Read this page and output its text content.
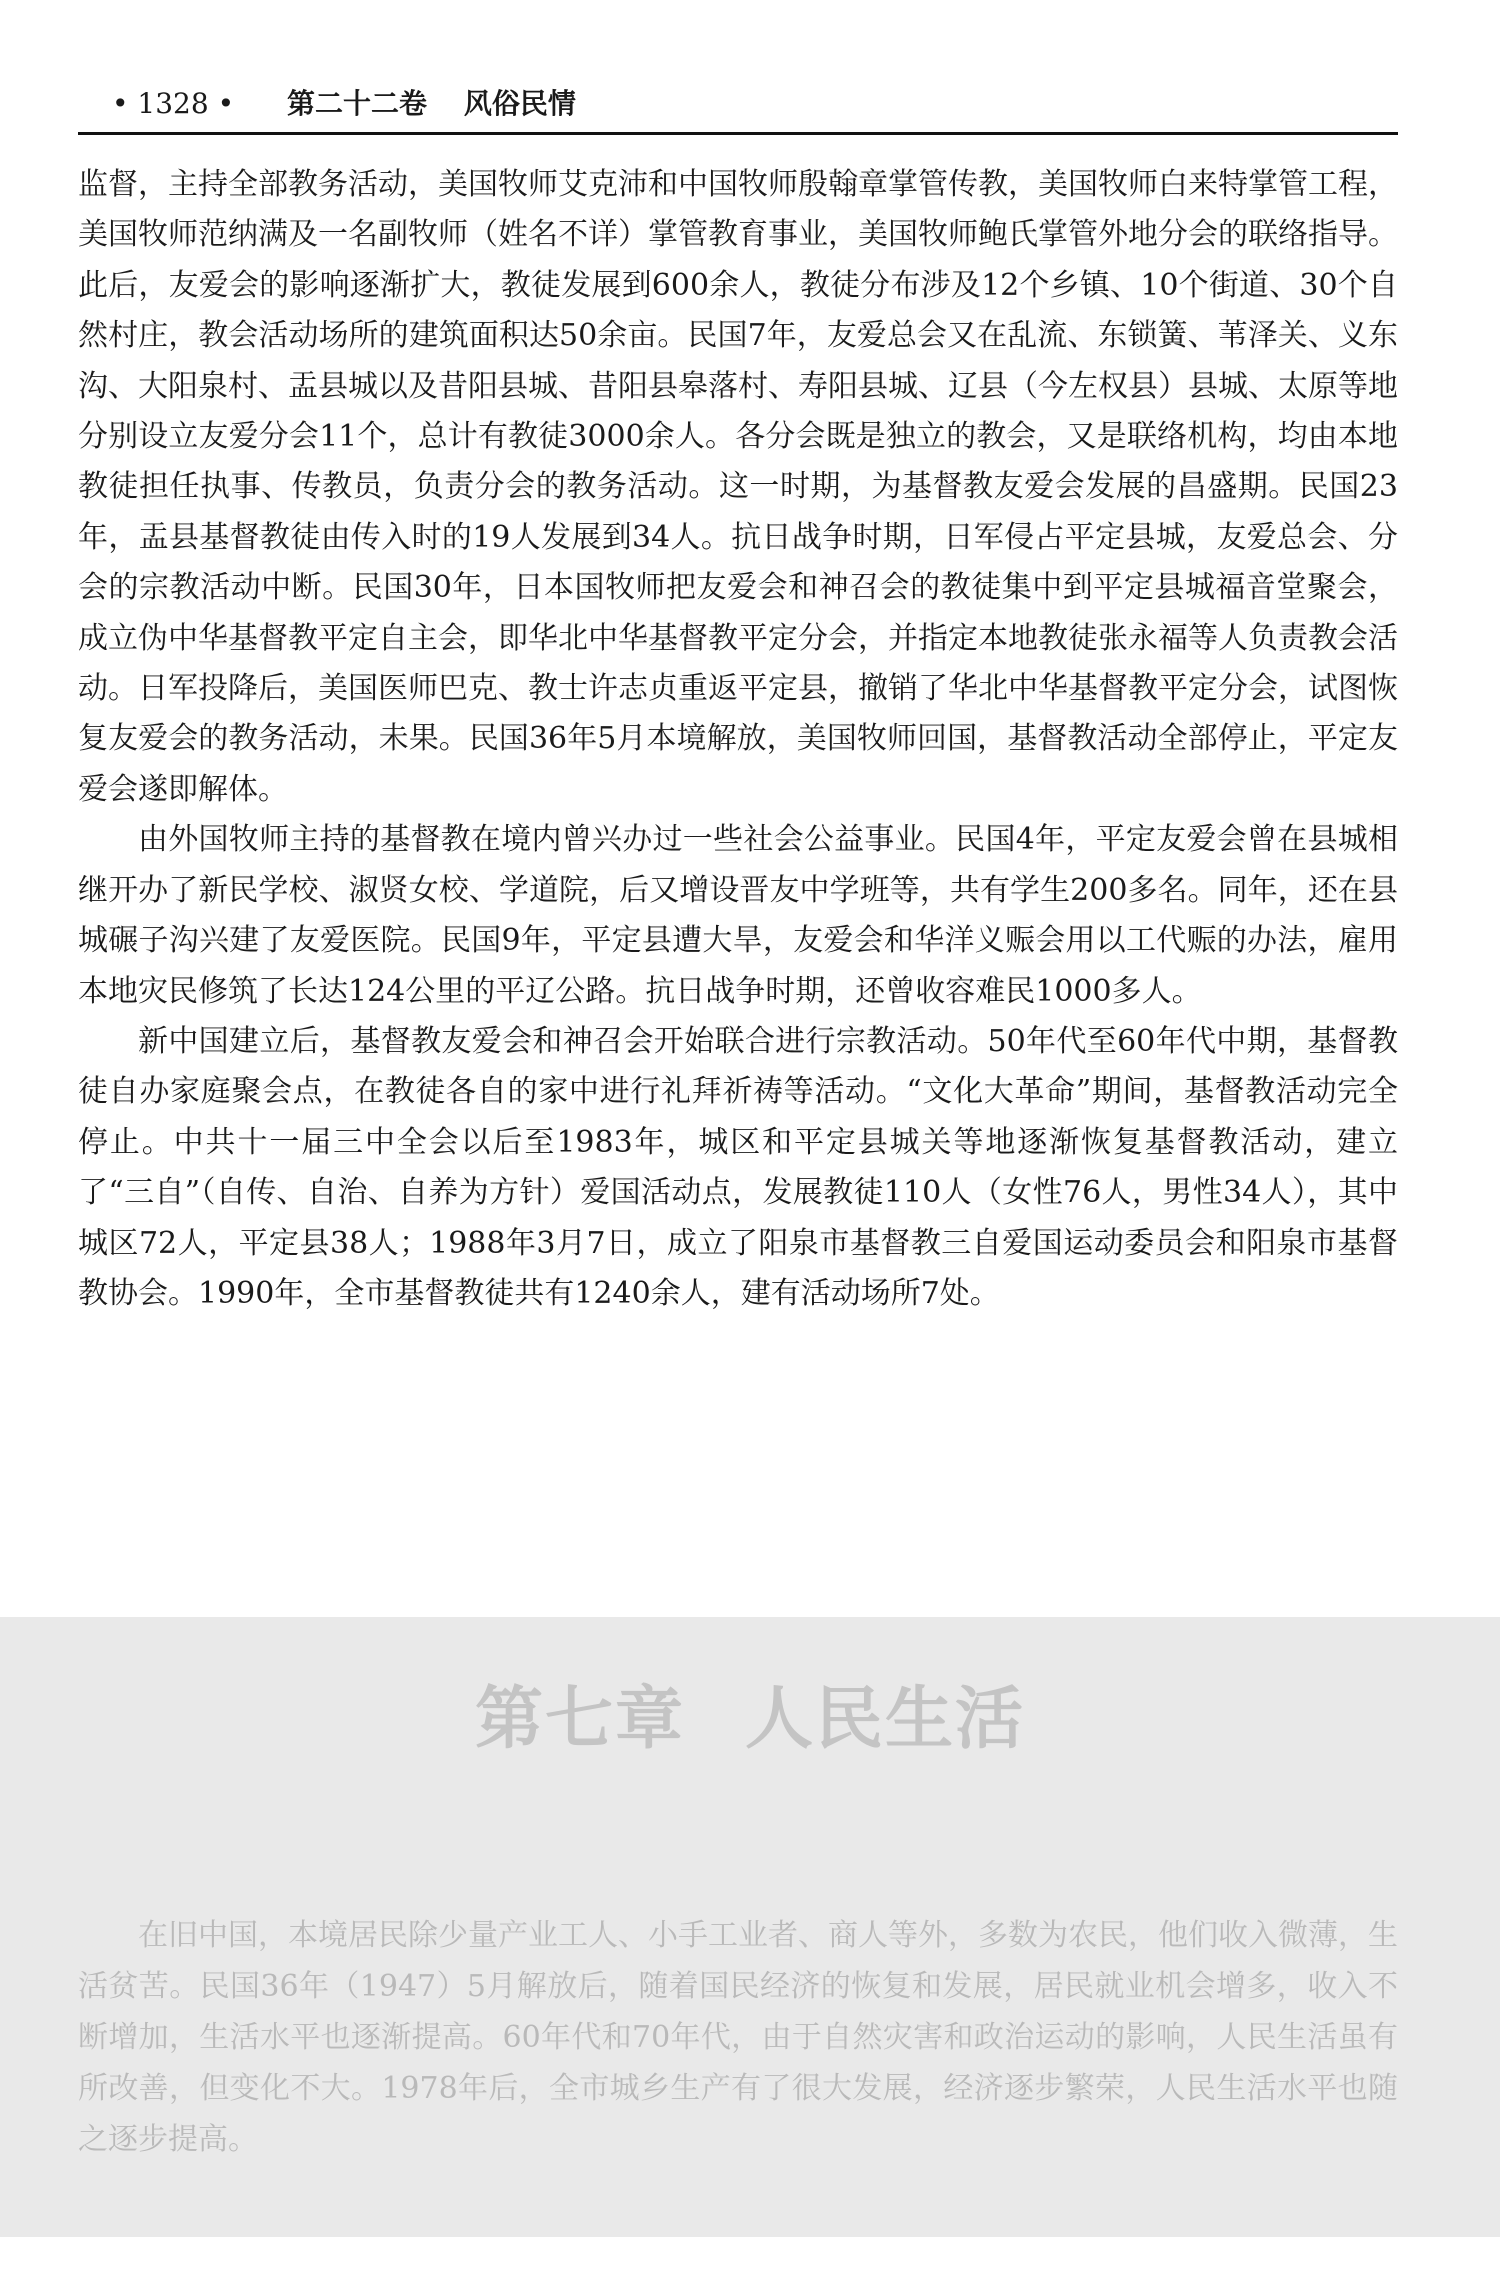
• 1328 • 第二十二卷 风俗民情

监督，主持全部教务活动，美国牧师艾克沛和中国牧师殷翰章掌管传教，美国牧师白来特掌管工程，美国牧师范纳满及一名副牧师（姓名不详）掌管教育事业，美国牧师鲍氏掌管外地分会的联络指导。此后，友爱会的影响逐渐扩大，教徒发展到600余人，教徒分布涉及12个乡镇、10个街道、30个自然村庄，教会活动场所的建筑面积达50余亩。民国7年，友爱总会又在乱流、东锁簧、苇泽关、义东沟、大阳泉村、盂县城以及昔阳县城、昔阳县皋落村、寿阳县城、辽县（今左权县）县城、太原等地分别设立友爱分会11个，总计有教徒3000余人。各分会既是独立的教会，又是联络机构，均由本地教徒担任执事、传教员，负责分会的教务活动。这一时期，为基督教友爱会发展的昌盛期。民国23年，盂县基督教徒由传入时的19人发展到34人。抗日战争时期，日军侵占平定县城，友爱总会、分会的宗教活动中断。民国30年，日本国牧师把友爱会和神召会的教徒集中到平定县城福音堂聚会，成立伪中华基督教平定自主会，即华北中华基督教平定分会，并指定本地教徒张永福等人负责教会活动。日军投降后，美国医师巴克、教士许志贞重返平定县，撤销了华北中华基督教平定分会，试图恢复友爱会的教务活动，未果。民国36年5月本境解放，美国牧师回国，基督教活动全部停止，平定友爱会遂即解体。

由外国牧师主持的基督教在境内曾兴办过一些社会公益事业。民国4年，平定友爱会曾在县城相继开办了新民学校、淑贤女校、学道院，后又增设晋友中学班等，共有学生200多名。同年，还在县城碾子沟兴建了友爱医院。民国9年，平定县遭大旱，友爱会和华洋义赈会用以工代赈的办法，雇用本地灾民修筑了长达124公里的平辽公路。抗日战争时期，还曾收容难民1000多人。

新中国建立后，基督教友爱会和神召会开始联合进行宗教活动。50年代至60年代中期，基督教徒自办家庭聚会点，在教徒各自的家中进行礼拜祈祷等活动。“文化大革命”期间，基督教活动完全停止。中共十一届三中全会以后至1983年，城区和平定县城关等地逐渐恢复基督教活动，建立了“三自”（自传、自治、自养为方针）爱国活动点，发展教徒110人（女性76人，男性34人），其中城区72人，平定县38人；1988年3月7日，成立了阳泉市基督教三自爱国运动委员会和阳泉市基督教协会。1990年，全市基督教徒共有1240余人，建有活动场所7处。

第七章 人民生活
在旧中国，本境居民除少量产业工人、小手工业者、商人等外，多数为农民，他们收入微薄，生活贫苦。民国36年（1947）5月解放后，随着国民经济的恢复和发展，居民就业机会增多，收入不断增加，生活水平也逐渐提高。60年代和70年代，由于自然灾害和政治运动的影响，人民生活虽有所改善，但变化不大。1978年后，全市城乡生产有了很大发展，经济逐步繁荣，人民生活水平也随之逐步提高。
